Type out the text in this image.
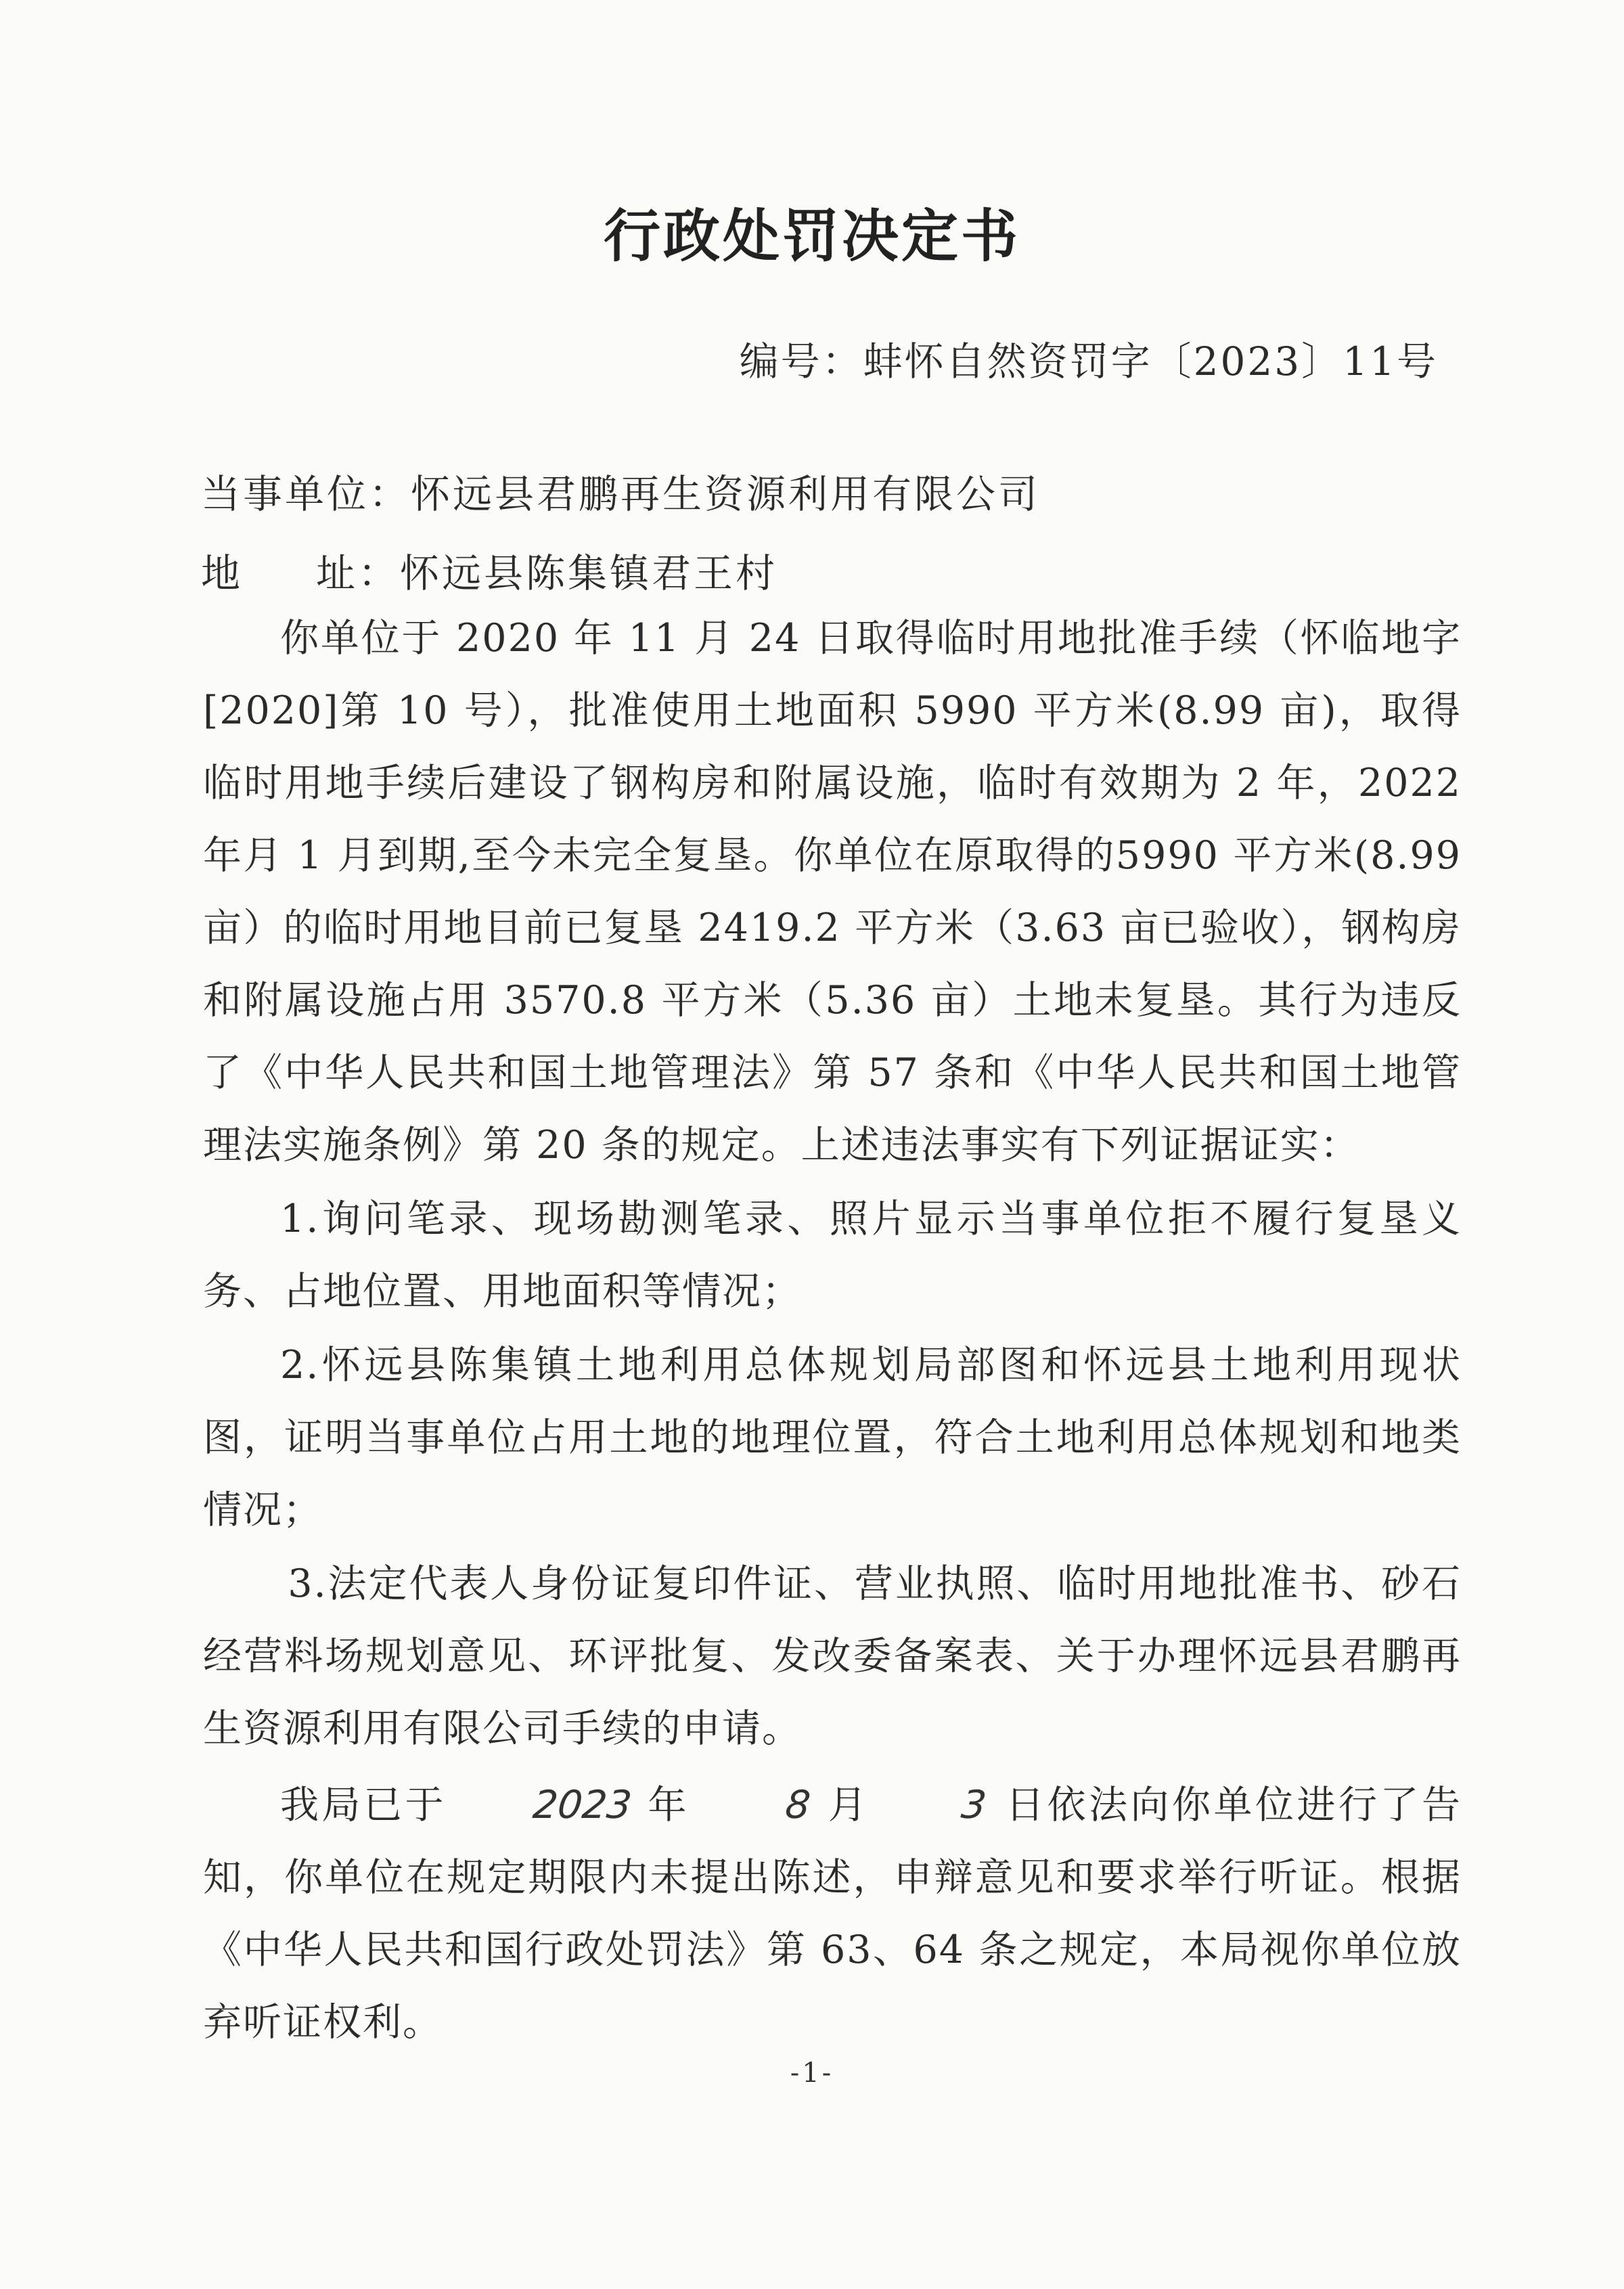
行政处罚决定书
编号：蚌怀自然资罚字〔2023〕11号
当事单位：怀远县君鹏再生资源利用有限公司
地 址：怀远县陈集镇君王村

你单位于 2020 年 11 月 24 日取得临时用地批准手续（怀临地字[2020]第 10 号），批准使用土地面积 5990 平方米(8.99 亩)，取得临时用地手续后建设了钢构房和附属设施，临时有效期为 2 年，2022年月 1 月到期,至今未完全复垦。你单位在原取得的5990 平方米(8.99亩）的临时用地目前已复垦 2419.2 平方米（3.63 亩已验收），钢构房和附属设施占用 3570.8 平方米（5.36 亩）土地未复垦。其行为违反了《中华人民共和国土地管理法》第 57 条和《中华人民共和国土地管理法实施条例》第 20 条的规定。上述违法事实有下列证据证实：

1.询问笔录、现场勘测笔录、照片显示当事单位拒不履行复垦义务、占地位置、用地面积等情况；

2.怀远县陈集镇土地利用总体规划局部图和怀远县土地利用现状图，证明当事单位占用土地的地理位置，符合土地利用总体规划和地类情况；

3.法定代表人身份证复印件证、营业执照、临时用地批准书、砂石经营料场规划意见、环评批复、发改委备案表、关于办理怀远县君鹏再生资源利用有限公司手续的申请。

我局已于 2023 年 8 月 3 日依法向你单位进行了告知，你单位在规定期限内未提出陈述，申辩意见和要求举行听证。根据《中华人民共和国行政处罚法》第 63、64 条之规定，本局视你单位放弃听证权利。

-1-
